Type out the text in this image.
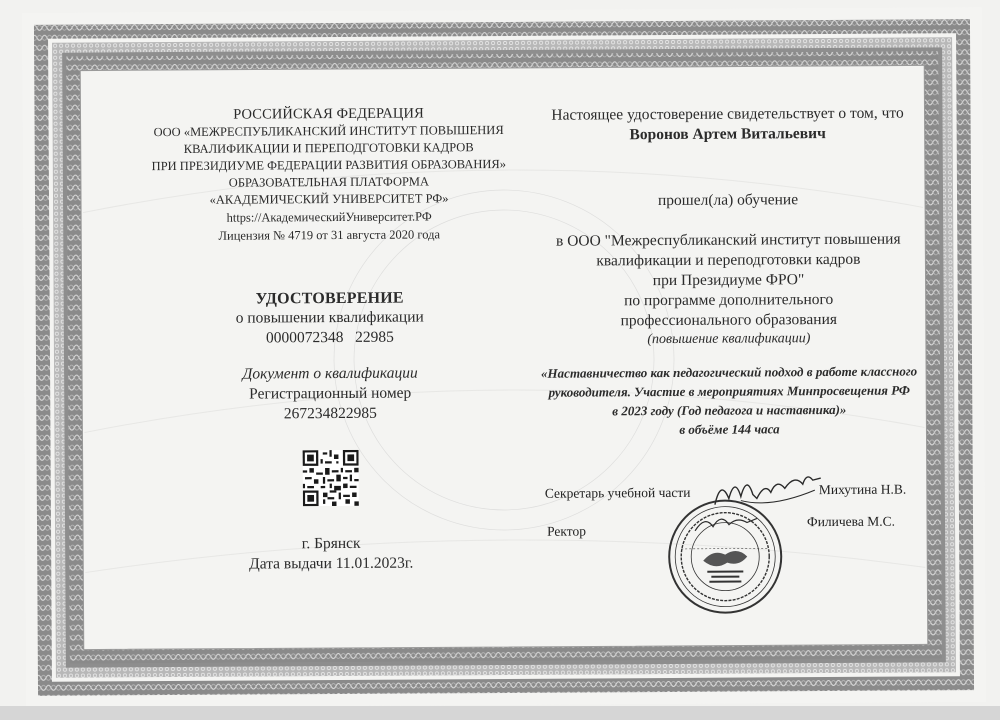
РОССИЙСКАЯ ФЕДЕРАЦИЯ
ООО «МЕЖРЕСПУБЛИКАНСКИЙ ИНСТИТУТ ПОВЫШЕНИЯ
КВАЛИФИКАЦИИ И ПЕРЕПОДГОТОВКИ КАДРОВ
ПРИ ПРЕЗИДИУМЕ ФЕДЕРАЦИИ РАЗВИТИЯ ОБРАЗОВАНИЯ»
ОБРАЗОВАТЕЛЬНАЯ ПЛАТФОРМА
«АКАДЕМИЧЕСКИЙ УНИВЕРСИТЕТ РФ»
https://АкадемическийУниверситет.РФ
Лицензия № 4719 от 31 августа 2020 года
УДОСТОВЕРЕНИЕ
о повышении квалификации
0000072348   22985
Документ о квалификации
Регистрационный номер
267234822985
г. Брянск
Дата выдачи 11.01.2023г.
Настоящее удостоверение свидетельствует о том, что
Воронов Артем Витальевич
прошел(ла) обучение
в ООО "Межреспубликанский институт повышения
квалификации и переподготовки кадров
при Президиуме ФРО"
по программе дополнительного
профессионального образования
(повышение квалификации)
«Наставничество как педагогический подход в работе классного
руководителя. Участие в мероприятиях Минпросвещения РФ
в 2023 году (Год педагога и наставника)»
в объёме 144 часа
Секретарь учебной части	Михутина Н.В.
Ректор
Филичева М.С.
